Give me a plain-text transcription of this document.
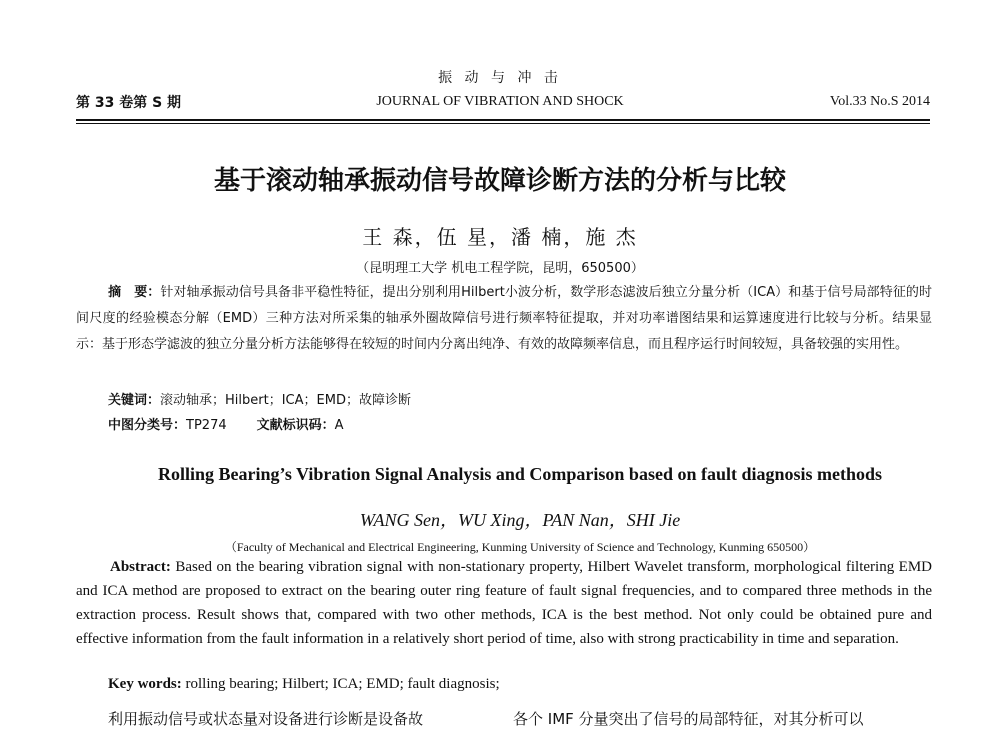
振 动 与 冲 击
第 33 卷第 S 期	JOURNAL OF VIBRATION AND SHOCK	Vol.33 No.S 2014
基于滚动轴承振动信号故障诊断方法的分析与比较
王 森，伍 星，潘 楠，施 杰
（昆明理工大学 机电工程学院，昆明，650500）
摘　要：针对轴承振动信号具备非平稳性特征，提出分别利用Hilbert小波分析，数学形态滤波后独立分量分析（ICA）和基于信号局部特征的时间尺度的经验模态分解（EMD）三种方法对所采集的轴承外圈故障信号进行频率特征提取，并对功率谱图结果和运算速度进行比较与分析。结果显示：基于形态学滤波的独立分量分析方法能够得在较短的时间内分离出纯净、有效的故障频率信息，而且程序运行时间较短，具备较强的实用性。
关键词：滚动轴承；Hilbert；ICA；EMD；故障诊断
中图分类号：TP274 文献标识码：A
Rolling Bearing’s Vibration Signal Analysis and Comparison based on fault diagnosis methods
WANG Sen，WU Xing，PAN Nan，SHI Jie
（Faculty of Mechanical and Electrical Engineering, Kunming University of Science and Technology, Kunming 650500）
Abstract: Based on the bearing vibration signal with non-stationary property, Hilbert Wavelet transform, morphological filtering EMD and ICA method are proposed to extract on the bearing outer ring feature of fault signal frequencies, and to compared three methods in the extraction process. Result shows that, compared with two other methods, ICA is the best method. Not only could be obtained pure and effective information from the fault information in a relatively short period of time, also with strong practicability in time and separation.
Key words: rolling bearing; Hilbert; ICA; EMD; fault diagnosis;
利用振动信号或状态量对设备进行诊断是设备故	各个 IMF 分量突出了信号的局部特征，对其分析可以
